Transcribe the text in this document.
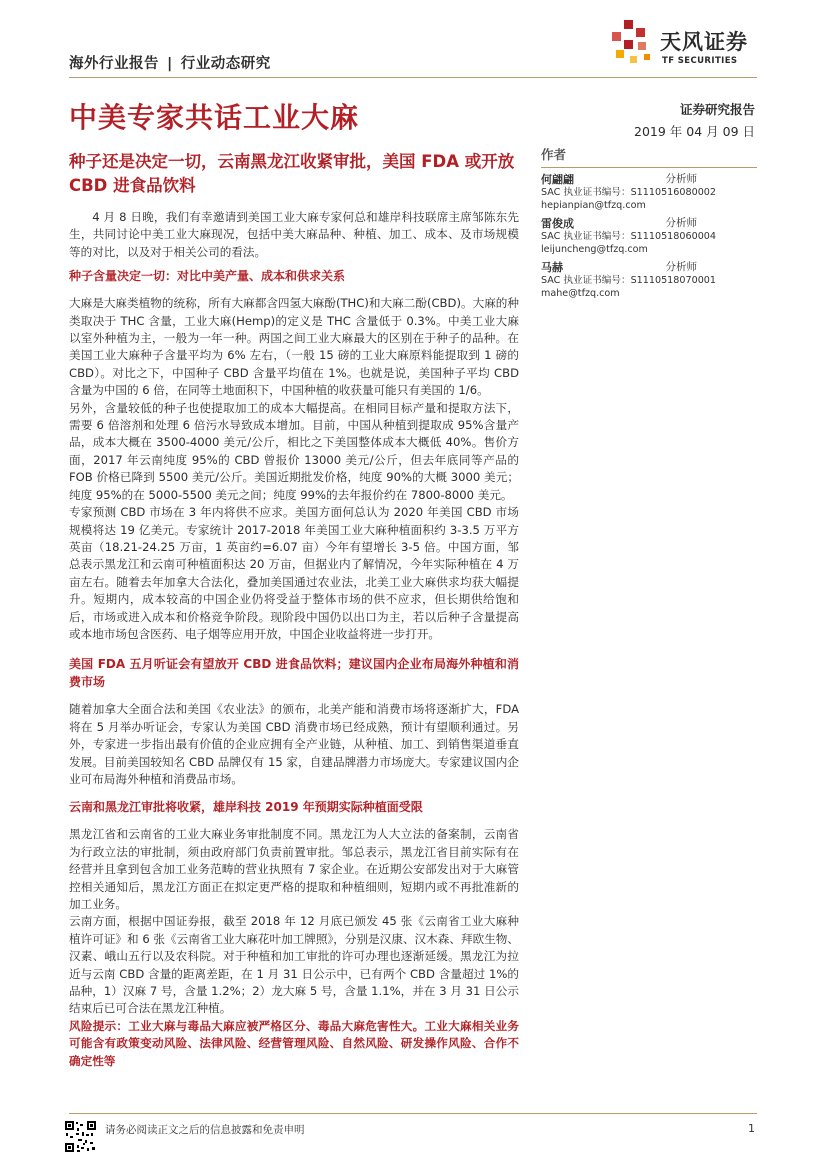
海外行业报告 | 行业动态研究
天风证券
TF SECURITIES
中美专家共话工业大麻	证券研究报告
2019 年 04 月 09 日
种子还是决定一切，云南黑龙江收紧审批，美国 FDA 或开放 CBD 进食品饮料

4 月 8 日晚，我们有幸邀请到美国工业大麻专家何总和雄岸科技联席主席邹陈东先生，共同讨论中美工业大麻现况，包括中美大麻品种、种植、加工、成本、及市场规模等的对比，以及对于相关公司的看法。

种子含量决定一切：对比中美产量、成本和供求关系

大麻是大麻类植物的统称，所有大麻都含四氢大麻酚(THC)和大麻二酚(CBD)。大麻的种类取决于 THC 含量，工业大麻(Hemp)的定义是 THC 含量低于 0.3%。中美工业大麻以室外种植为主，一般为一年一种。两国之间工业大麻最大的区别在于种子的品种。在美国工业大麻种子含量平均为 6% 左右，（一般 15 磅的工业大麻原料能提取到 1 磅的 CBD）。对比之下，中国种子 CBD 含量平均值在 1%。也就是说，美国种子平均 CBD 含量为中国的 6 倍，在同等土地面积下，中国种植的收获量可能只有美国的 1/6。

另外，含量较低的种子也使提取加工的成本大幅提高。在相同目标产量和提取方法下，需要 6 倍溶剂和处理 6 倍污水导致成本增加。目前，中国从种植到提取成 95%含量产品，成本大概在 3500-4000 美元/公斤，相比之下美国整体成本大概低 40%。售价方面，2017 年云南纯度 95%的 CBD 曾报价 13000 美元/公斤，但去年底同等产品的 FOB 价格已降到 5500 美元/公斤。美国近期批发价格，纯度 90%的大概 3000 美元；纯度 95%的在 5000-5500 美元之间；纯度 99%的去年报价约在 7800-8000 美元。

专家预测 CBD 市场在 3 年内将供不应求。美国方面何总认为 2020 年美国 CBD 市场规模将达 19 亿美元。专家统计 2017-2018 年美国工业大麻种植面积约 3-3.5 万平方英亩（18.21-24.25 万亩，1 英亩约=6.07 亩）今年有望增长 3-5 倍。中国方面，邹总表示黑龙江和云南可种植面积达 20 万亩，但据业内了解情况，今年实际种植在 4 万亩左右。随着去年加拿大合法化，叠加美国通过农业法，北美工业大麻供求均获大幅提升。短期内，成本较高的中国企业仍将受益于整体市场的供不应求，但长期供给饱和后，市场或进入成本和价格竞争阶段。现阶段中国仍以出口为主，若以后种子含量提高或本地市场包含医药、电子烟等应用开放，中国企业收益将进一步打开。

美国 FDA 五月听证会有望放开 CBD 进食品饮料；建议国内企业布局海外种植和消费市场

随着加拿大全面合法和美国《农业法》的颁布，北美产能和消费市场将逐渐扩大，FDA 将在 5 月举办听证会，专家认为美国 CBD 消费市场已经成熟，预计有望顺利通过。另外，专家进一步指出最有价值的企业应拥有全产业链，从种植、加工、到销售渠道垂直发展。目前美国较知名 CBD 品牌仅有 15 家，自建品牌潜力市场庞大。专家建议国内企业可布局海外种植和消费品市场。

云南和黑龙江审批将收紧，雄岸科技 2019 年预期实际种植面受限

黑龙江省和云南省的工业大麻业务审批制度不同。黑龙江为人大立法的备案制，云南省为行政立法的审批制，须由政府部门负责前置审批。邹总表示，黑龙江省目前实际有在经营并且拿到包含加工业务范畴的营业执照有 7 家企业。在近期公安部发出对于大麻管控相关通知后，黑龙江方面正在拟定更严格的提取和种植细则，短期内或不再批准新的加工业务。

云南方面，根据中国证券报，截至 2018 年 12 月底已颁发 45 张《云南省工业大麻种植许可证》和 6 张《云南省工业大麻花叶加工牌照》，分别是汉康、汉木森、拜欧生物、汉素、峨山五行以及农科院。对于种植和加工审批的许可办理也逐渐延缓。黑龙江为拉近与云南 CBD 含量的距离差距，在 1 月 31 日公示中，已有两个 CBD 含量超过 1%的品种，1）汉麻 7 号，含量 1.2%；2）龙大麻 5 号，含量 1.1%，并在 3 月 31 日公示结束后已可合法在黑龙江种植。

风险提示：工业大麻与毒品大麻应被严格区分、毒品大麻危害性大。工业大麻相关业务可能含有政策变动风险、法律风险、经营管理风险、自然风险、研发操作风险、合作不确定性等

作者
何翩翩	分析师
SAC 执业证书编号：S1110516080002
hepianpian@tfzq.com
雷俊成	分析师
SAC 执业证书编号：S1110518060004
leijuncheng@tfzq.com
马赫	分析师
SAC 执业证书编号：S1110518070001
mahe@tfzq.com
请务必阅读正文之后的信息披露和免责申明	1
